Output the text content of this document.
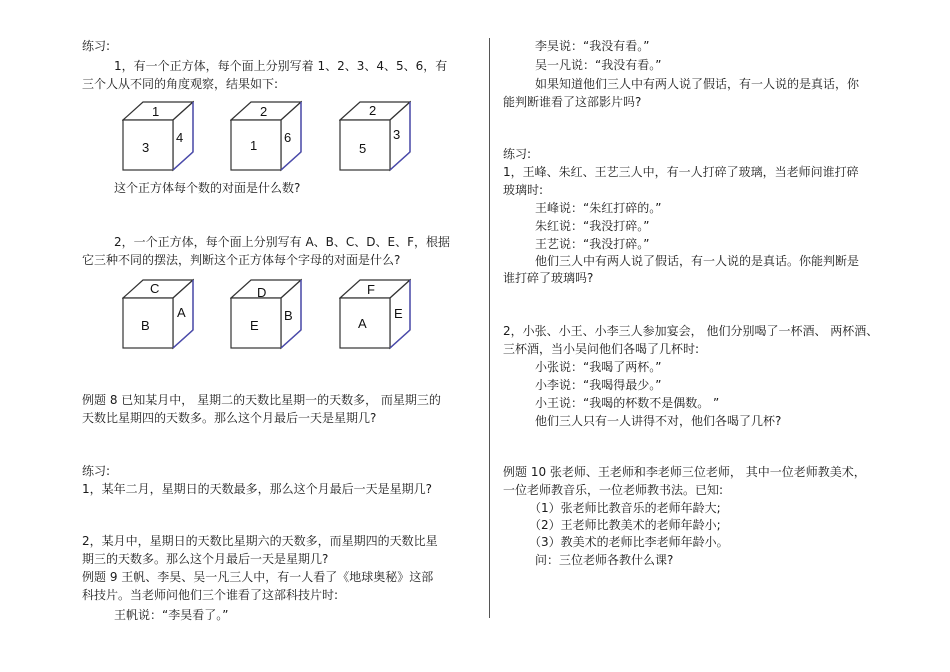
练习:
1，有一个正方体，每个面上分别写着 1、2、3、4、5、6，有
三个人从不同的角度观察，结果如下:
1
3
4
2
1
6
2
5
3
这个正方体每个数的对面是什么数?
2，一个正方体，每个面上分别写有 A、B、C、D、E、F，根据
它三种不同的摆法，判断这个正方体每个字母的对面是什么?
C
B
A
D
E
B
F
A
E
例题 8 已知某月中， 星期二的天数比星期一的天数多， 而星期三的
天数比星期四的天数多。那么这个月最后一天是星期几?
练习:
1，某年二月，星期日的天数最多，那么这个月最后一天是星期几?
2，某月中，星期日的天数比星期六的天数多，而星期四的天数比星
期三的天数多。那么这个月最后一天是星期几?
例题 9 王帆、李昊、吴一凡三人中，有一人看了《地球奥秘》这部
科技片。当老师问他们三个谁看了这部科技片时:
王帆说：“李昊看了。”
李昊说：“我没有看。”
吴一凡说：“我没有看。”
如果知道他们三人中有两人说了假话，有一人说的是真话，你
能判断谁看了这部影片吗?
练习:
1，王峰、朱红、王艺三人中，有一人打碎了玻璃，当老师问谁打碎
玻璃时:
王峰说：“朱红打碎的。”
朱红说：“我没打碎。”
王艺说：“我没打碎。”
他们三人中有两人说了假话，有一人说的是真话。你能判断是
谁打碎了玻璃吗?
2，小张、小王、小李三人参加宴会， 他们分别喝了一杯酒、 两杯酒、
三杯酒，当小吴问他们各喝了几杯时:
小张说：“我喝了两杯。”
小李说：“我喝得最少。”
小王说：“我喝的杯数不是偶数。 ”
他们三人只有一人讲得不对，他们各喝了几杯?
例题 10 张老师、王老师和李老师三位老师， 其中一位老师教美术，
一位老师教音乐，一位老师教书法。已知:
（1）张老师比教音乐的老师年龄大;
（2）王老师比教美术的老师年龄小;
（3）教美术的老师比李老师年龄小。
问：三位老师各教什么课?
